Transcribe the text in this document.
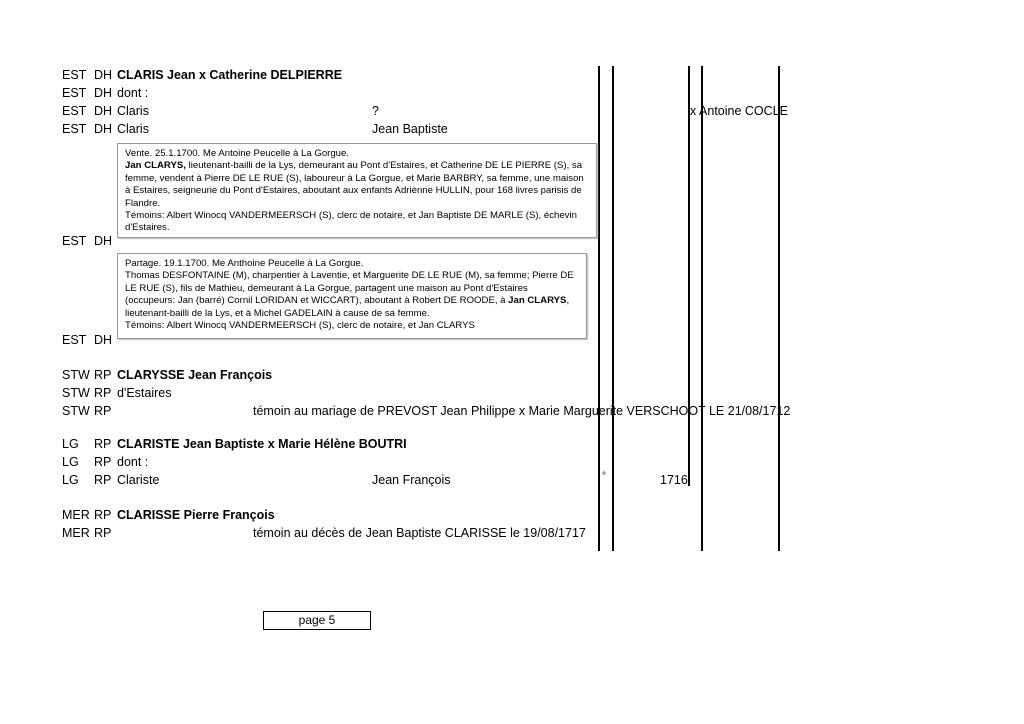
EST DH CLARIS Jean x Catherine DELPIERRE
EST DH dont :
EST DH Claris	?	x Antoine COCLE
EST DH Claris	Jean Baptiste

Vente. 25.1.1700. Me Antoine Peucelle à La Gorgue.

Jan CLARYS, lieutenant-bailli de la Lys, demeurant au Pont d'Estaires, et Catherine DE LE PIERRE (S), sa femme, vendent à Pierre DE LE RUE (S), laboureur à La Gorgue, et Marie BARBRY, sa femme, une maison à Estaires, seigneurie du Pont d'Estaires, aboutant aux enfants Adriènne HULLIN, pour 168 livres parisis de Flandre.

Témoins: Albert Winocq VANDERMEERSCH (S), clerc de notaire, et Jan Baptiste DE MARLE (S), échevin d'Estaires.

EST DH

Partage. 19.1.1700. Me Anthoine Peucelle à La Gorgue.

Thomas DESFONTAINE (M), charpentier à Laventie, et Marguerite DE LE RUE (M), sa femme; Pierre DE LE RUE (S), fils de Mathieu, demeurant à La Gorgue, partagent une maison au Pont d'Estaires (occupeurs: Jan (barré) Cornil LORIDAN et WICCART), aboutant à Robert DE ROODE, à Jan CLARYS, lieutenant-bailli de la Lys, et à Michel GADELAIN à cause de sa femme.

Témoins: Albert Winocq VANDERMEERSCH (S), clerc de notaire, et Jan CLARYS

EST DH
STW RP CLARYSSE Jean François
STW RP d'Estaires
STW RP	témoin au mariage de PREVOST Jean Philippe x Marie Marguerite VERSCHOOT LE 21/08/1712
LG RP CLARISTE Jean Baptiste x Marie Hélène BOUTRI
LG RP dont :
LG RP Clariste	Jean François	°	1716
MER RP CLARISSE Pierre François
MER RP	témoin au décès de Jean Baptiste CLARISSE le 19/08/1717
page 5
